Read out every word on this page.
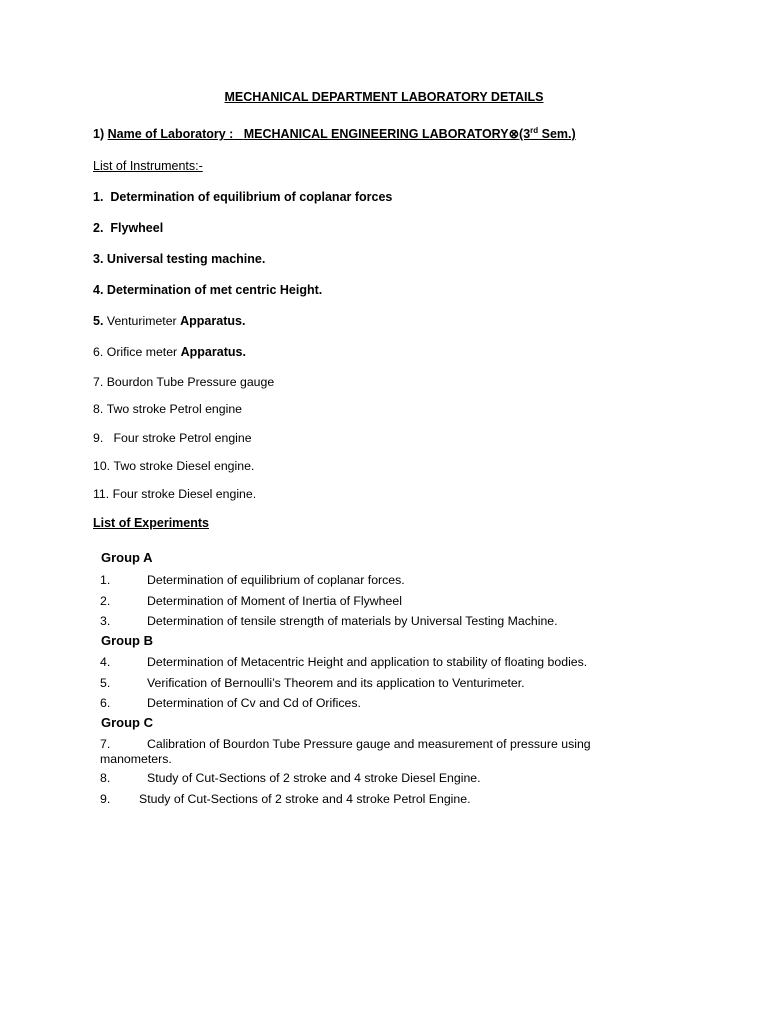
MECHANICAL DEPARTMENT LABORATORY DETAILS
1) Name of Laboratory : MECHANICAL ENGINEERING LABORATORY⊗(3rd Sem.)
List of Instruments:-
1. Determination of equilibrium of coplanar forces
2. Flywheel
3. Universal testing machine.
4. Determination of met centric Height.
5. Venturimeter Apparatus.
6. Orifice meter Apparatus.
7. Bourdon Tube Pressure gauge
8. Two stroke Petrol engine
9. Four stroke Petrol engine
10. Two stroke Diesel engine.
11. Four stroke Diesel engine.
List of Experiments
Group A
1.	Determination of equilibrium of coplanar forces.
2.	Determination of Moment of Inertia of Flywheel
3.	Determination of tensile strength of materials by Universal Testing Machine.
Group B
4.	Determination of Metacentric Height and application to stability of floating bodies.
5.	Verification of Bernoulli’s Theorem and its application to Venturimeter.
6.	Determination of Cv and Cd of Orifices.
Group C
7.	Calibration of Bourdon Tube Pressure gauge and measurement of pressure using manometers.
8.	Study of Cut-Sections of 2 stroke and 4 stroke Diesel Engine.
9. Study of Cut-Sections of 2 stroke and 4 stroke Petrol Engine.
